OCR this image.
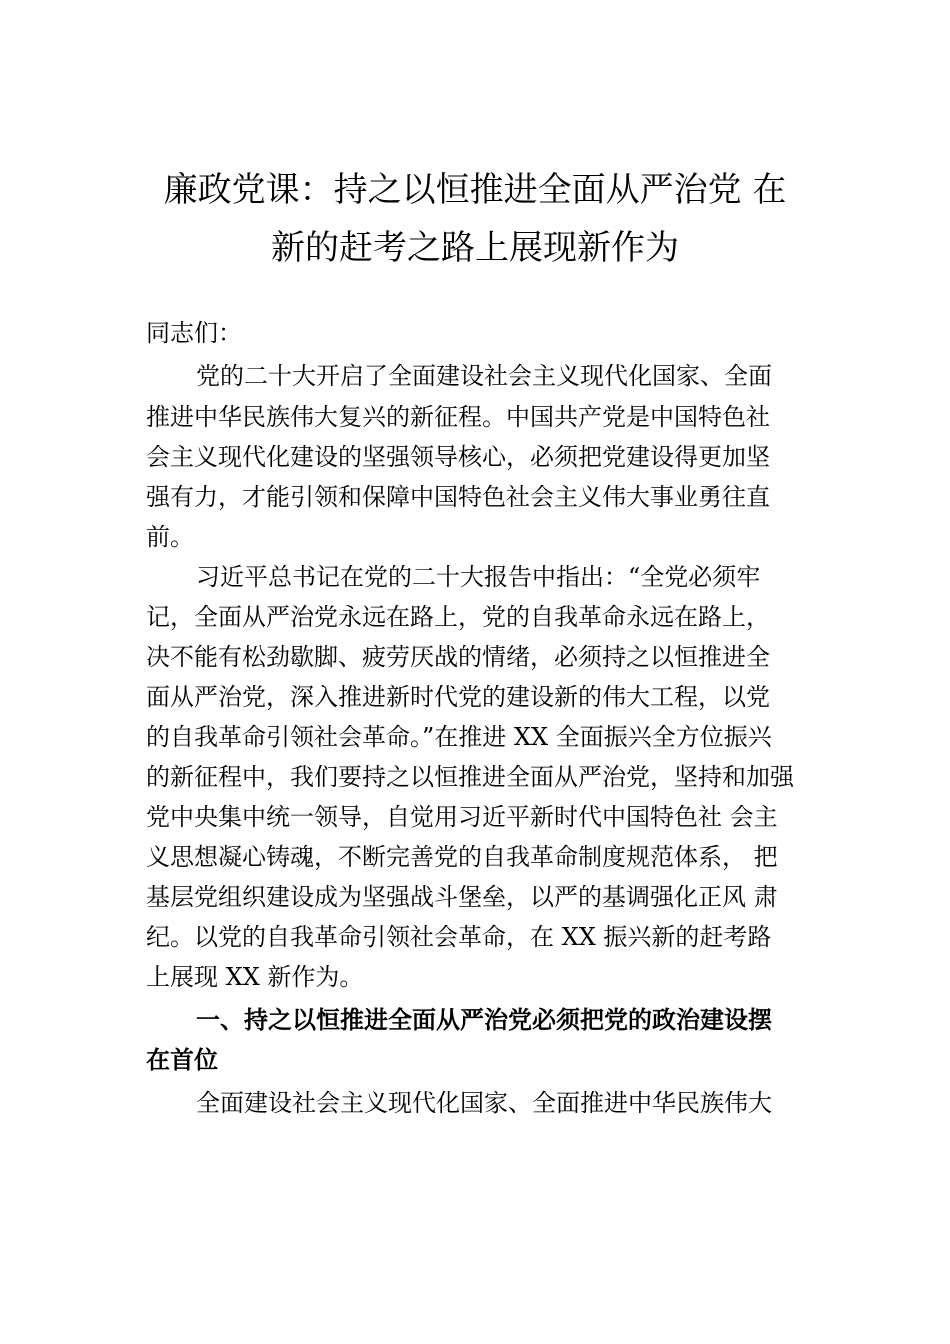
廉政党课：持之以恒推进全面从严治党 在
新的赶考之路上展现新作为
同志们：
党的二十大开启了全面建设社会主义现代化国家、全面
推进中华民族伟大复兴的新征程。中国共产党是中国特色社
会主义现代化建设的坚强领导核心，必须把党建设得更加坚
强有力，才能引领和保障中国特色社会主义伟大事业勇往直
前。
习近平总书记在党的二十大报告中指出：“全党必须牢
记，全面从严治党永远在路上，党的自我革命永远在路上，
决不能有松劲歇脚、疲劳厌战的情绪，必须持之以恒推进全
面从严治党，深入推进新时代党的建设新的伟大工程，以党
的自我革命引领社会革命。”在推进 XX 全面振兴全方位振兴
的新征程中，我们要持之以恒推进全面从严治党，坚持和加强
党中央集中统一领导，自觉用习近平新时代中国特色社 会主
义思想凝心铸魂，不断完善党的自我革命制度规范体系， 把
基层党组织建设成为坚强战斗堡垒，以严的基调强化正风 肃
纪。以党的自我革命引领社会革命，在 XX 振兴新的赶考路
上展现 XX 新作为。
一、持之以恒推进全面从严治党必须把党的政治建设摆
在首位
全面建设社会主义现代化国家、全面推进中华民族伟大
